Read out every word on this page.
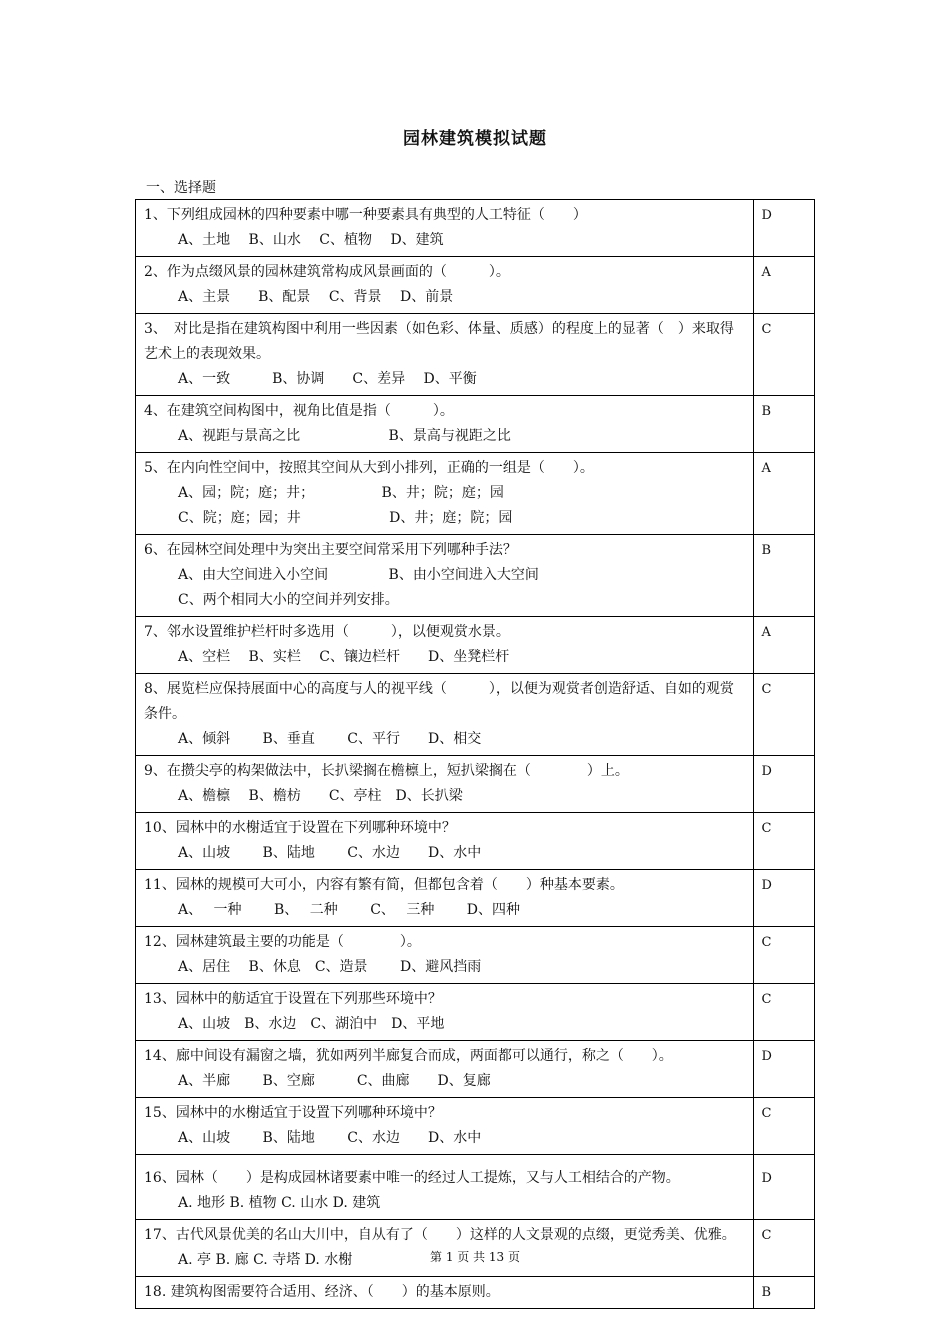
园林建筑模拟试题
一、选择题
1、下列组成园林的四种要素中哪一种要素具有典型的人工特征（　　）
A、土地　 B、山水　 C、植物　 D、建筑	D

2、作为点缀风景的园林建筑常构成风景画面的（　　　）。
A、主景　　B、配景　 C、背景　 D、前景	A

3、　对比是指在建筑构图中利用一些因素（如色彩、体量、质感）的程度上的显著（　）来取得艺术上的表现效果。
A、一致　　　B、协调　　C、差异　 D、平衡	C

4、在建筑空间构图中，视角比值是指（　　　）。
A、视距与景高之比　　　　　　 B、景高与视距之比	B

5、在内向性空间中，按照其空间从大到小排列，正确的一组是（　　）。
A、园；院；庭；井；　　　　　 B、井；院；庭；园
C、院；庭；园；井　　　　　　 D、井；庭；院；园	A

6、在园林空间处理中为突出主要空间常采用下列哪种手法？
A、由大空间进入小空间　　　　 B、由小空间进入大空间
C、两个相同大小的空间并列安排。	B

7、邻水设置维护栏杆时多选用（　　　），以便观赏水景。
A、空栏　 B、实栏　 C、镶边栏杆　　D、坐凳栏杆	A

8、展览栏应保持展面中心的高度与人的视平线（　　　），以便为观赏者创造舒适、自如的观赏条件。
A、倾斜　　 B、垂直　　 C、平行　　D、相交	C

9、在攒尖亭的构架做法中，长扒梁搁在檐檩上，短扒梁搁在（　　　　）上。
A、檐檩　 B、檐枋　　C、亭柱　D、长扒梁	D

10、园林中的水榭适宜于设置在下列哪种环境中？
A、山坡　　 B、陆地　　 C、水边　　D、水中	C

11、园林的规模可大可小，内容有繁有简，但都包含着（　　）种基本要素。
A、　 一种　　 B、　 二种　　 C、　 三种　　 D、四种	D

12、园林建筑最主要的功能是（　　　　）。
A、居住　 B、休息　C、造景　　 D、避风挡雨	C

13、园林中的舫适宜于设置在下列那些环境中？
A、山坡　B、水边　C、湖泊中　D、平地	C

14、廊中间设有漏窗之墙，犹如两列半廊复合而成，两面都可以通行，称之（　　）。
A、半廊　　 B、空廊　　　C、曲廊　　D、复廊	D

15、园林中的水榭适宜于设置下列哪种环境中？
A、山坡　　 B、陆地　　 C、水边　　D、水中	C

16、园林（　　）是构成园林诸要素中唯一的经过人工提炼，又与人工相结合的产物。
A. 地形 B. 植物 C. 山水 D. 建筑	D

17、古代风景优美的名山大川中，自从有了（　　）这样的人文景观的点缀，更觉秀美、优雅。
A. 亭 B. 廊 C. 寺塔 D. 水榭	C

18. 建筑构图需要符合适用、经济、（　　）的基本原则。	B
第 1 页 共 13 页
